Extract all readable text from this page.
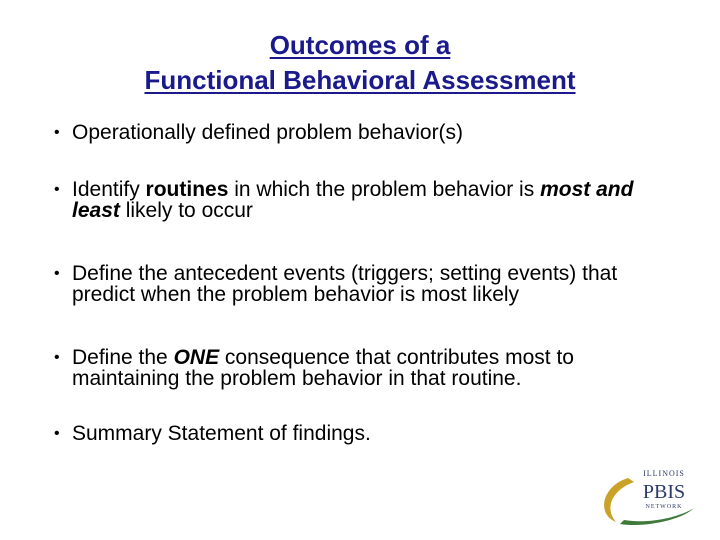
Outcomes of a
Functional Behavioral Assessment
• Operationally defined problem behavior(s)
• Identify routines in which the problem behavior is most and least likely to occur
• Define the antecedent events (triggers; setting events) that predict when the problem behavior is most likely
• Define the ONE consequence that contributes most to maintaining the problem behavior in that routine.
• Summary Statement of findings.
ILLINOIS
PBIS
NETWORK
